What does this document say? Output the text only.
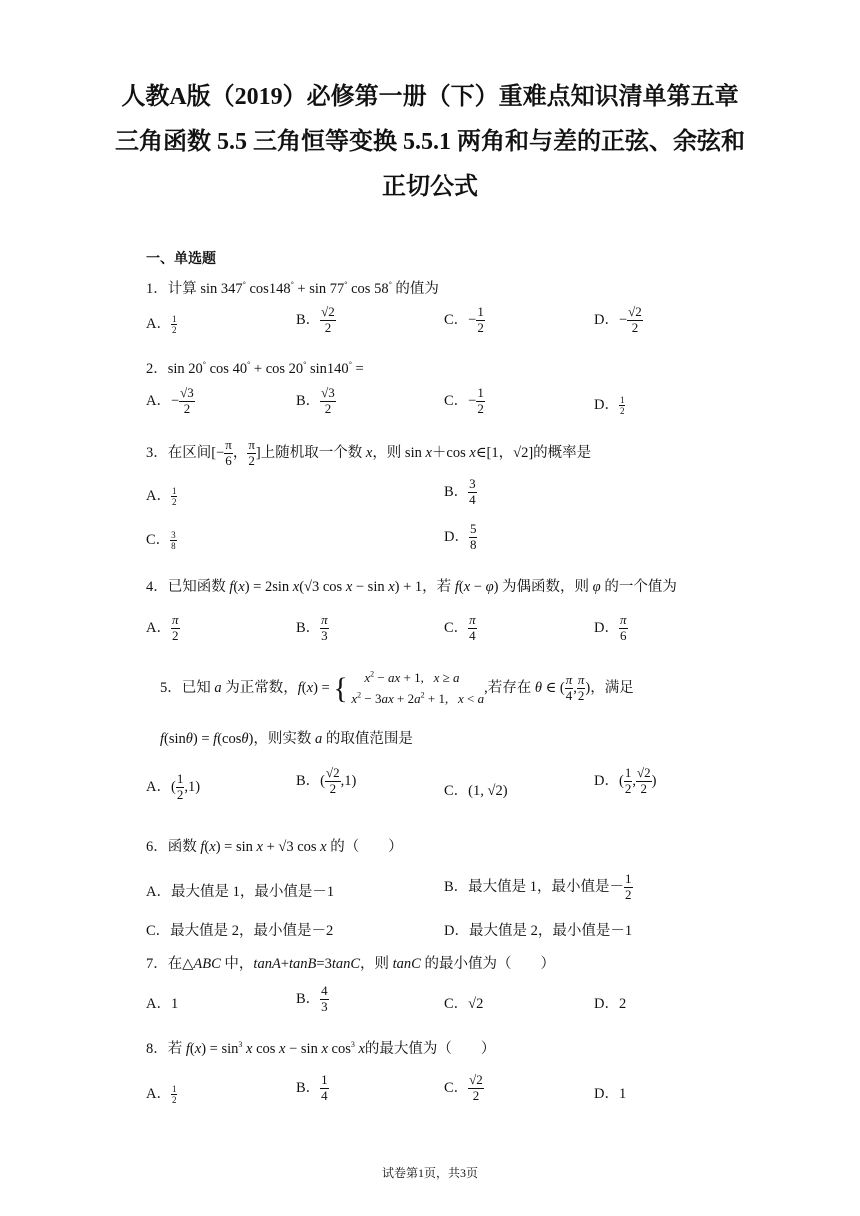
人教A版（2019）必修第一册（下）重难点知识清单第五章
三角函数 5.5 三角恒等变换 5.5.1 两角和与差的正弦、余弦和
正切公式
一、单选题
1．计算 sin 347° cos148° + sin 77° cos 58° 的值为
A． $\frac{1}{2}$	B． $\frac{√2}{2}$	C．− $\frac{1}{2}$	D．− $\frac{√2}{2}$
2．sin 20° cos 40° + cos 20° sin140° =
A．− $\frac{√3}{2}$	B． $\frac{√3}{2}$	C．− $\frac{1}{2}$	D． $\frac{1}{2}$
3．在区间[− $\frac{\pi}{6}$ ， $\frac{\pi}{2}$ ]上随机取一个数 x，则 sin x＋cos x∈[1，√2]的概率是
A． $\frac{1}{2}$	B． $\frac{3}{4}$
C． $\frac{3}{8}$	D． $\frac{5}{8}$
4．已知函数 f(x) = 2sin x(√3 cos x − sin x) + 1，若 f(x − φ) 为偶函数，则 φ 的一个值为
A． $\frac{\pi}{2}$	B． $\frac{\pi}{3}$	C． $\frac{\pi}{4}$	D． $\frac{\pi}{6}$
5．已知 a 为正常数，f(x) = {	$x^2$ − ax + 1,   x ≥ a
$x^2 - 3ax + 2a^2 + 1$,   x < a
,若存在 θ ∈ ( $\frac{\pi}{4}$ , $\frac{\pi}{2}$ )，满足
f(sinθ) = f(cosθ)，则实数 a 的取值范围是
A．( $\frac{1}{2} ,1$)	B．( $\frac{√2}{2} ,1$)
C．(1, √2)
D．( $\frac{1}{2}$ , $\frac{√2}{2}$ )
6．函数 f(x) = sin x + √3 cos x 的（　　）
A．最大值是 1，最小值是－1	B．最大值是 1，最小值是－ $\frac{1}{2}$
C．最大值是 2，最小值是－2	D．最大值是 2，最小值是－1
7．在△ABC 中，tanA+tanB=3tanC，则 tanC 的最小值为（　　）
A．1	B． $\frac{4}{3}$	C．√2	D．2
8．若 $f(x) = \sin^3 x$ cos x − sin x $\cos^3 x$的最大值为（　　）
A． $\frac{1}{2}$	B． $\frac{1}{4}$	C． $\frac{√2}{2}$	D．1
试卷第1页，共3页
